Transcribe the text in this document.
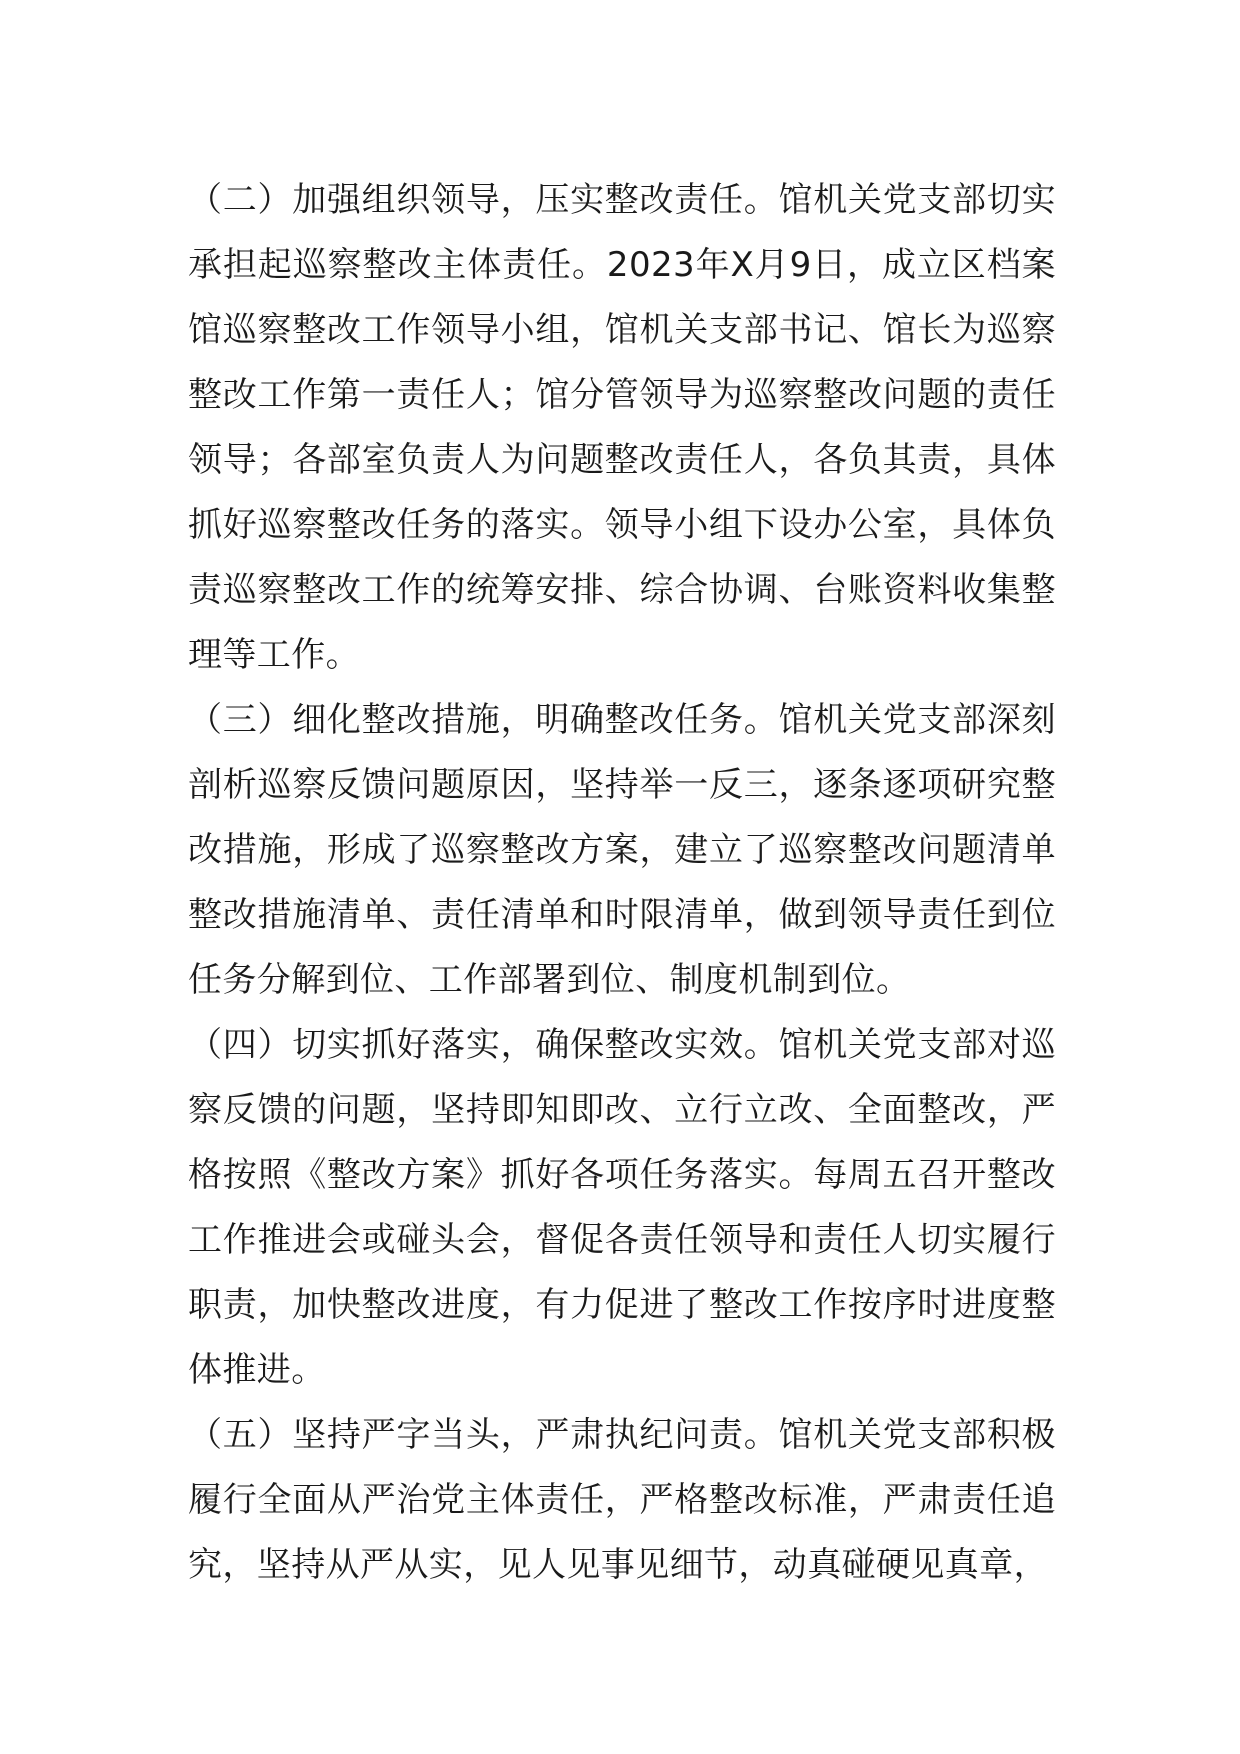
（二）加强组织领导，压实整改责任。馆机关党支部切实承担起巡察整改主体责任。2023年X月9日，成立区档案馆巡察整改工作领导小组，馆机关支部书记、馆长为巡察整改工作第一责任人；馆分管领导为巡察整改问题的责任领导；各部室负责人为问题整改责任人，各负其责，具体抓好巡察整改任务的落实。领导小组下设办公室，具体负责巡察整改工作的统筹安排、综合协调、台账资料收集整理等工作。

（三）细化整改措施，明确整改任务。馆机关党支部深刻剖析巡察反馈问题原因，坚持举一反三，逐条逐项研究整改措施，形成了巡察整改方案，建立了巡察整改问题清单整改措施清单、责任清单和时限清单，做到领导责任到位任务分解到位、工作部署到位、制度机制到位。

（四）切实抓好落实，确保整改实效。馆机关党支部对巡察反馈的问题，坚持即知即改、立行立改、全面整改，严格按照《整改方案》抓好各项任务落实。每周五召开整改工作推进会或碰头会，督促各责任领导和责任人切实履行职责，加快整改进度，有力促进了整改工作按序时进度整体推进。

（五）坚持严字当头，严肃执纪问责。馆机关党支部积极履行全面从严治党主体责任，严格整改标准，严肃责任追究，坚持从严从实，见人见事见细节，动真碰硬见真章，
